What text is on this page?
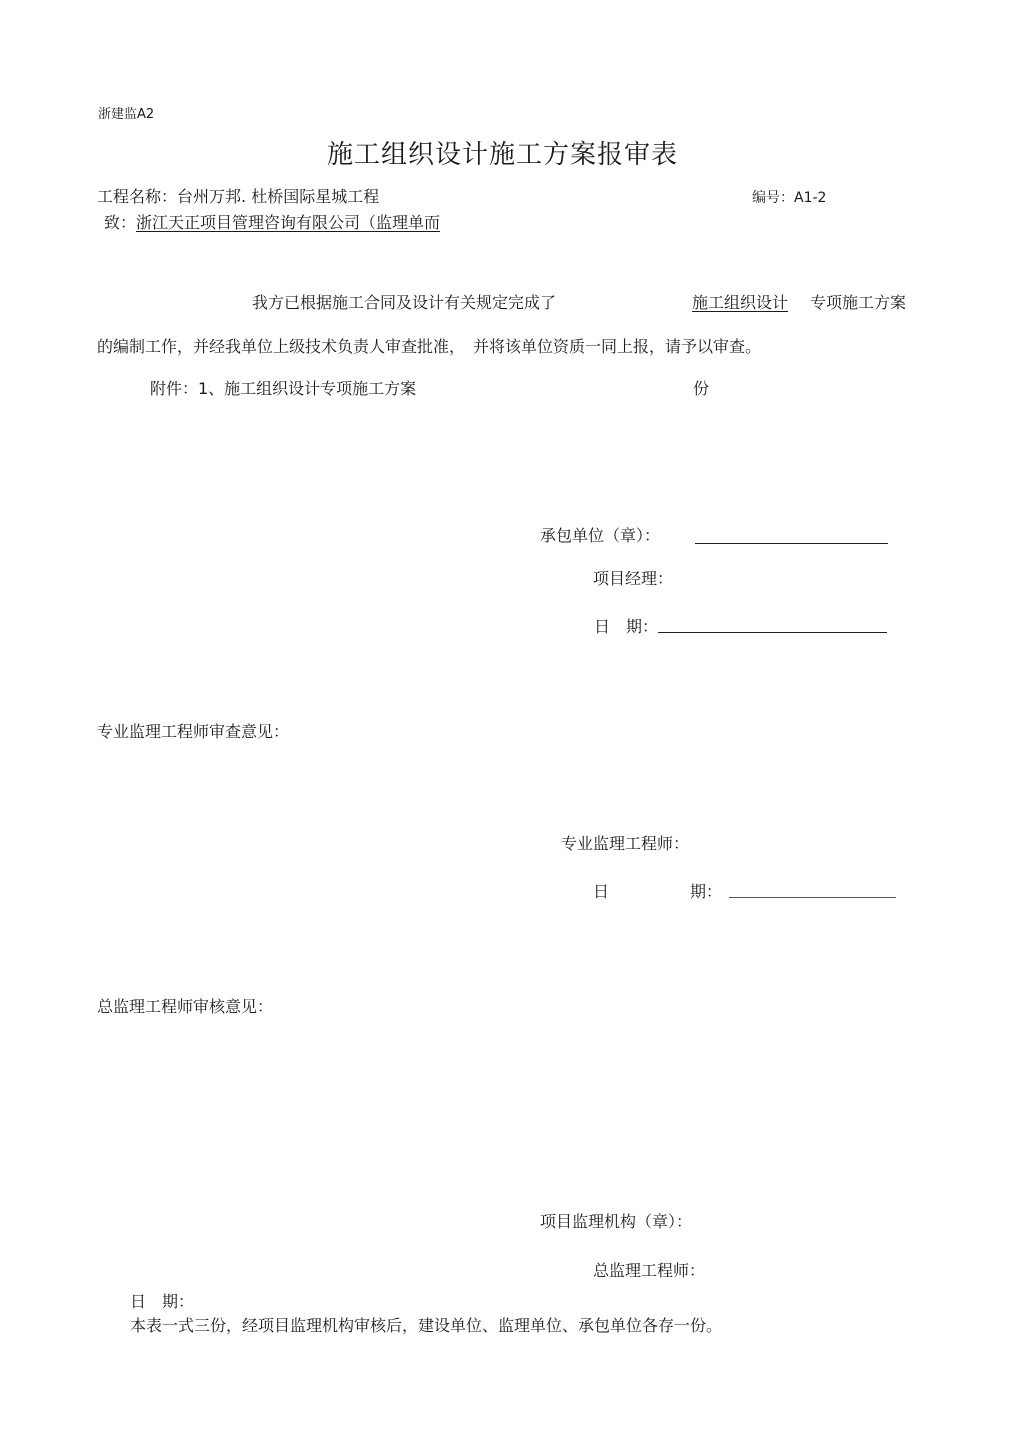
浙建监A2
施工组织设计施工方案报审表
工程名称：台州万邦. 杜桥国际星城工程	编号：A1-2
致：浙江天正项目管理咨询有限公司（监理单而
我方已根据施工合同及设计有关规定完成了	施工组织设计 专项施工方案
的编制工作，并经我单位上级技术负责人审查批准，　并将该单位资质一同上报，请予以审查。
附件：1、施工组织设计专项施工方案	份
承包单位（章）：
项目经理：
日　期：
专业监理工程师审查意见：
专业监理工程师：
日	期：
总监理工程师审核意见：
项目监理机构（章）：
总监理工程师：
日　期：
本表一式三份，经项目监理机构审核后，建设单位、监理单位、承包单位各存一份。
